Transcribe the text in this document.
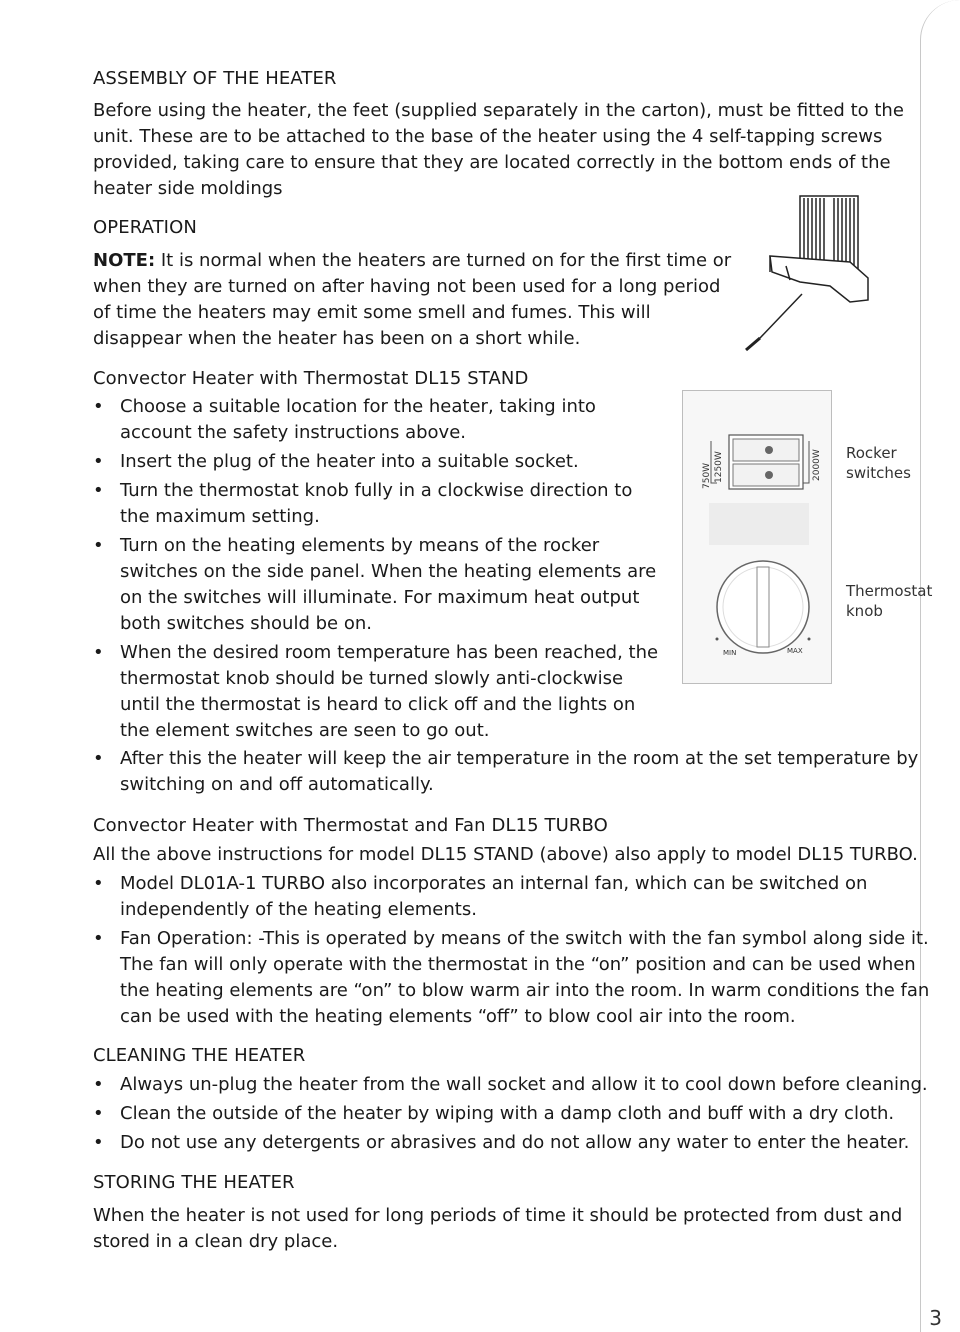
ASSEMBLY OF THE HEATER

Before using the heater, the feet (supplied separately in the carton), must be fitted to the unit. These are to be attached to the base of the heater using the 4 self-tapping screws provided, taking care to ensure that they are located correctly in the bottom ends of the heater side moldings

OPERATION

NOTE: It is normal when the heaters are turned on for the first time or when they are turned on after having not been used for a long period of time the heaters may emit some smell and fumes. This will disappear when the heater has been on a short while.

Convector Heater with Thermostat DL15 STAND
• Choose a suitable location for the heater, taking into account the safety instructions above.
• Insert the plug of the heater into a suitable socket.
• Turn the thermostat knob fully in a clockwise direction to the maximum setting.
• Turn on the heating elements by means of the rocker switches on the side panel. When the heating elements are on the switches will illuminate. For maximum heat output both switches should be on.
• When the desired room temperature has been reached, the thermostat knob should be turned slowly anti-clockwise until the thermostat is heard to click off and the lights on the element switches are seen to go out.
• After this the heater will keep the air temperature in the room at the set temperature by switching on and off automatically.
750W 1250W	2000W
MIN	MAX
Rocker
switches
Thermostat
knob
Convector Heater with Thermostat and Fan DL15 TURBO

All the above instructions for model DL15 STAND (above) also apply to model DL15 TURBO.

• Model DL01A-1 TURBO also incorporates an internal fan, which can be switched on independently of the heating elements.
• Fan Operation: -This is operated by means of the switch with the fan symbol along side it. The fan will only operate with the thermostat in the “on” position and can be used when the heating elements are “on” to blow warm air into the room. In warm conditions the fan can be used with the heating elements “off” to blow cool air into the room.
CLEANING THE HEATER
• Always un-plug the heater from the wall socket and allow it to cool down before cleaning.
• Clean the outside of the heater by wiping with a damp cloth and buff with a dry cloth.
• Do not use any detergents or abrasives and do not allow any water to enter the heater.
STORING THE HEATER

When the heater is not used for long periods of time it should be protected from dust and stored in a clean dry place.

3
